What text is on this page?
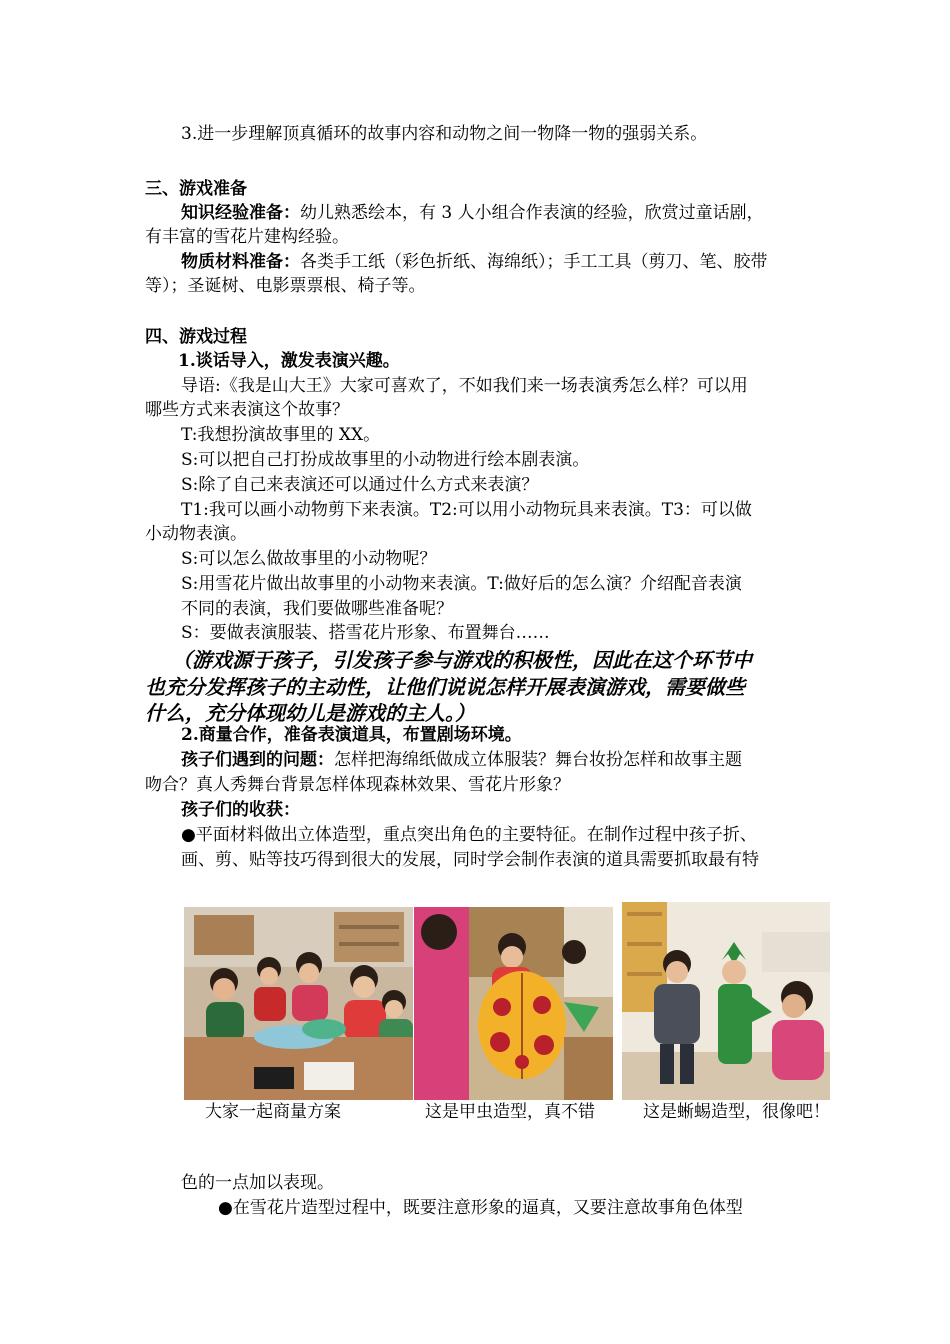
3.进一步理解顶真循环的故事内容和动物之间一物降一物的强弱关系。
三、游戏准备
知识经验准备：幼儿熟悉绘本，有 3 人小组合作表演的经验，欣赏过童话剧，
有丰富的雪花片建构经验。
物质材料准备：各类手工纸（彩色折纸、海绵纸）；手工工具（剪刀、笔、胶带
等）；圣诞树、电影票票根、椅子等。
四、游戏过程
1.谈话导入，激发表演兴趣。
导语:《我是山大王》大家可喜欢了，不如我们来一场表演秀怎么样？可以用
哪些方式来表演这个故事？
T:我想扮演故事里的 XX。
S:可以把自己打扮成故事里的小动物进行绘本剧表演。
S:除了自己来表演还可以通过什么方式来表演？
T1:我可以画小动物剪下来表演。T2:可以用小动物玩具来表演。T3：可以做
小动物表演。
S:可以怎么做故事里的小动物呢？
S:用雪花片做出故事里的小动物来表演。T:做好后的怎么演？介绍配音表演
不同的表演，我们要做哪些准备呢？
S：要做表演服装、搭雪花片形象、布置舞台……
（游戏源于孩子，引发孩子参与游戏的积极性，因此在这个环节中
也充分发挥孩子的主动性，让他们说说怎样开展表演游戏，需要做些
什么，充分体现幼儿是游戏的主人。）
2.商量合作，准备表演道具，布置剧场环境。
孩子们遇到的问题：怎样把海绵纸做成立体服装？舞台妆扮怎样和故事主题
吻合？真人秀舞台背景怎样体现森林效果、雪花片形象？
孩子们的收获：
●平面材料做出立体造型，重点突出角色的主要特征。在制作过程中孩子折、
画、剪、贴等技巧得到很大的发展，同时学会制作表演的道具需要抓取最有特
大家一起商量方案	这是甲虫造型，真不错	这是蜥蜴造型，很像吧！
色的一点加以表现。
●在雪花片造型过程中，既要注意形象的逼真，又要注意故事角色体型
